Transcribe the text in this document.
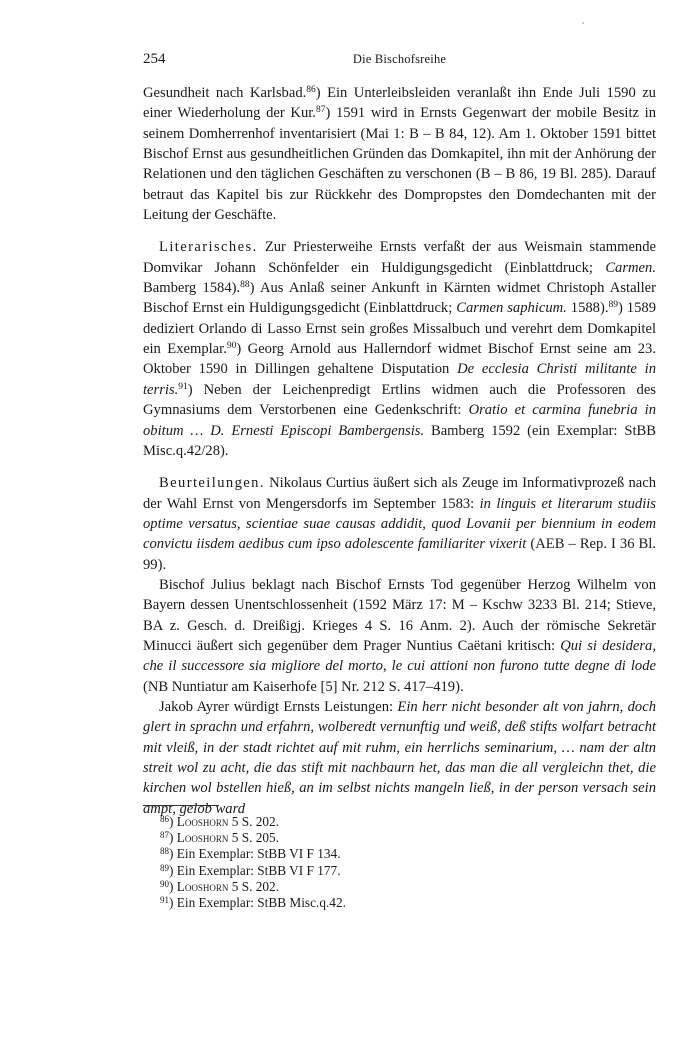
254	Die Bischofsreihe

Gesundheit nach Karlsbad.$^{86}$) Ein Unterleibsleiden veranlaßt ihn Ende Juli 1590 zu einer Wiederholung der Kur.$^{87}$) 1591 wird in Ernsts Gegenwart der mobile Besitz in seinem Domherrenhof inventarisiert (Mai 1: B – B 84, 12). Am 1. Oktober 1591 bittet Bischof Ernst aus gesundheitlichen Gründen das Domkapitel, ihn mit der Anhörung der Relationen und den täglichen Geschäften zu verschonen (B – B 86, 19 Bl. 285). Darauf betraut das Kapitel bis zur Rückkehr des Dompropstes den Domdechanten mit der Leitung der Geschäfte.

Literarisches. Zur Priesterweihe Ernsts verfaßt der aus Weismain stammende Domvikar Johann Schönfelder ein Huldigungsgedicht (Einblattdruck; Carmen. Bamberg 1584).$^{88}$) Aus Anlaß seiner Ankunft in Kärnten widmet Christoph Astaller Bischof Ernst ein Huldigungsgedicht (Einblattdruck; Carmen saphicum. 1588).$^{89}$) 1589 dediziert Orlando di Lasso Ernst sein großes Missalbuch und verehrt dem Domkapitel ein Exemplar.$^{90}$) Georg Arnold aus Hallerndorf widmet Bischof Ernst seine am 23. Oktober 1590 in Dillingen gehaltene Disputation De ecclesia Christi militante in terris.$^{91}$) Neben der Leichenpredigt Ertlins widmen auch die Professoren des Gymnasiums dem Verstorbenen eine Gedenkschrift: Oratio et carmina funebria in obitum … D. Ernesti Episcopi Bambergensis. Bamberg 1592 (ein Exemplar: StBB Misc.q.42/28).

Beurteilungen. Nikolaus Curtius äußert sich als Zeuge im Informativprozeß nach der Wahl Ernst von Mengersdorfs im September 1583: in linguis et literarum studiis optime versatus, scientiae suae causas addidit, quod Lovanii per biennium in eodem convictu iisdem aedibus cum ipso adolescente familiariter vixerit (AEB – Rep. I 36 Bl. 99).

Bischof Julius beklagt nach Bischof Ernsts Tod gegenüber Herzog Wilhelm von Bayern dessen Unentschlossenheit (1592 März 17: M – Kschw 3233 Bl. 214; Stieve, BA z. Gesch. d. Dreißigj. Krieges 4 S. 16 Anm. 2). Auch der römische Sekretär Minucci äußert sich gegenüber dem Prager Nuntius Caëtani kritisch: Qui si desidera, che il successore sia migliore del morto, le cui attioni non furono tutte degne di lode (NB Nuntiatur am Kaiserhofe [5] Nr. 212 S. 417–419).

Jakob Ayrer würdigt Ernsts Leistungen: Ein herr nicht besonder alt von jahrn, doch glert in sprachn und erfahrn, wolberedt vernunftig und weiß, deß stifts wolfart betracht mit vleiß, in der stadt richtet auf mit ruhm, ein herrlichs seminarium, … nam der altn streit wol zu acht, die das stift mit nachbaurn het, das man die all vergleichn thet, die kirchen wol bstellen hieß, an im selbst nichts mangeln ließ, in der person versach sein ampt, gelob ward

$^{86}$) Looshorn 5 S. 202.
$^{87}$) Looshorn 5 S. 205.
$^{88}$) Ein Exemplar: StBB VI F 134.
$^{89}$) Ein Exemplar: StBB VI F 177.
$^{90}$) Looshorn 5 S. 202.
$^{91}$) Ein Exemplar: StBB Misc.q.42.
